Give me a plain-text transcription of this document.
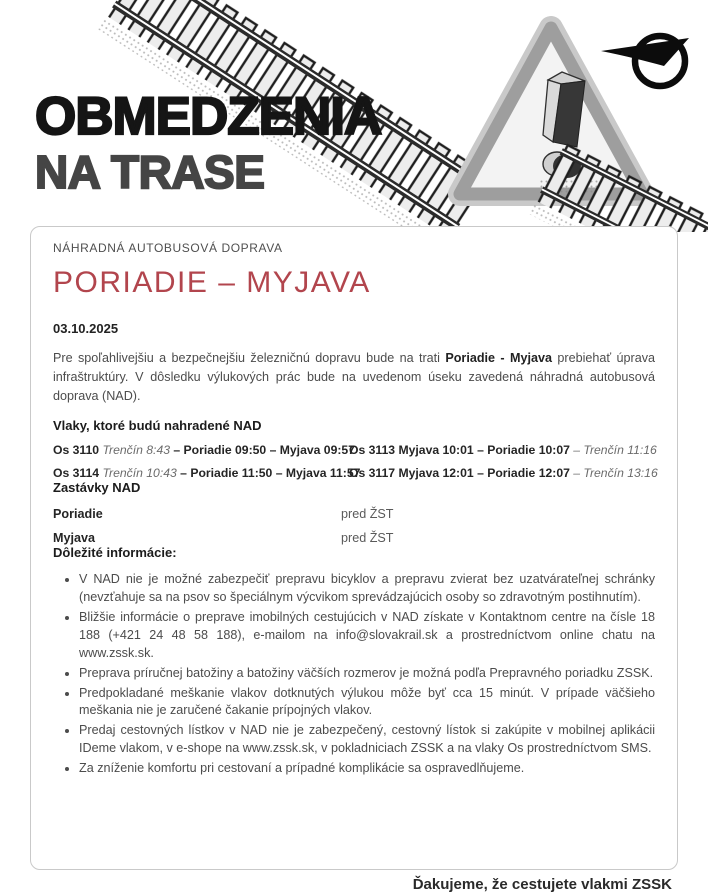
OBMEDZENIA
NA TRASE
NÁHRADNÁ AUTOBUSOVÁ DOPRAVA
PORIADIE – MYJAVA
03.10.2025

Pre spoľahlivejšiu a bezpečnejšiu železničnú dopravu bude na trati Poriadie - Myjava prebiehať úprava infraštruktúry. V dôsledku výlukových prác bude na uvedenom úseku zavedená náhradná autobusová doprava (NAD).

Vlaky, ktoré budú nahradené NAD
Os 3110 Trenčín 8:43 – Poriadie 09:50 – Myjava 09:57
Os 3113 Myjava 10:01 – Poriadie 10:07 – Trenčín 11:16
Os 3114 Trenčín 10:43 – Poriadie 11:50 – Myjava 11:57
Os 3117 Myjava 12:01 – Poriadie 12:07 – Trenčín 13:16
Zastávky NAD
Poriadie	pred ŽST
Myjava	pred ŽST
Dôležité informácie:
• V NAD nie je možné zabezpečiť prepravu bicyklov a prepravu zvierat bez uzatvárateľnej schránky (nevzťahuje sa na psov so špeciálnym výcvikom sprevádzajúcich osoby so zdravotným postihnutím).
• Bližšie informácie o preprave imobilných cestujúcich v NAD získate v Kontaktnom centre na čísle 18 188 (+421 24 48 58 188), e-mailom na info@slovakrail.sk a prostredníctvom online chatu na www.zssk.sk.
• Preprava príručnej batožiny a batožiny väčších rozmerov je možná podľa Prepravného poriadku ZSSK.
• Predpokladané meškanie vlakov dotknutých výlukou môže byť cca 15 minút. V prípade väčšieho meškania nie je zaručené čakanie prípojných vlakov.
• Predaj cestovných lístkov v NAD nie je zabezpečený, cestovný lístok si zakúpite v mobilnej aplikácii IDeme vlakom, v e-shope na www.zssk.sk, v pokladniciach ZSSK a na vlaky Os prostredníctvom SMS.
• Za zníženie komfortu pri cestovaní a prípadné komplikácie sa ospravedlňujeme.
Ďakujeme, že cestujete vlakmi ZSSK
